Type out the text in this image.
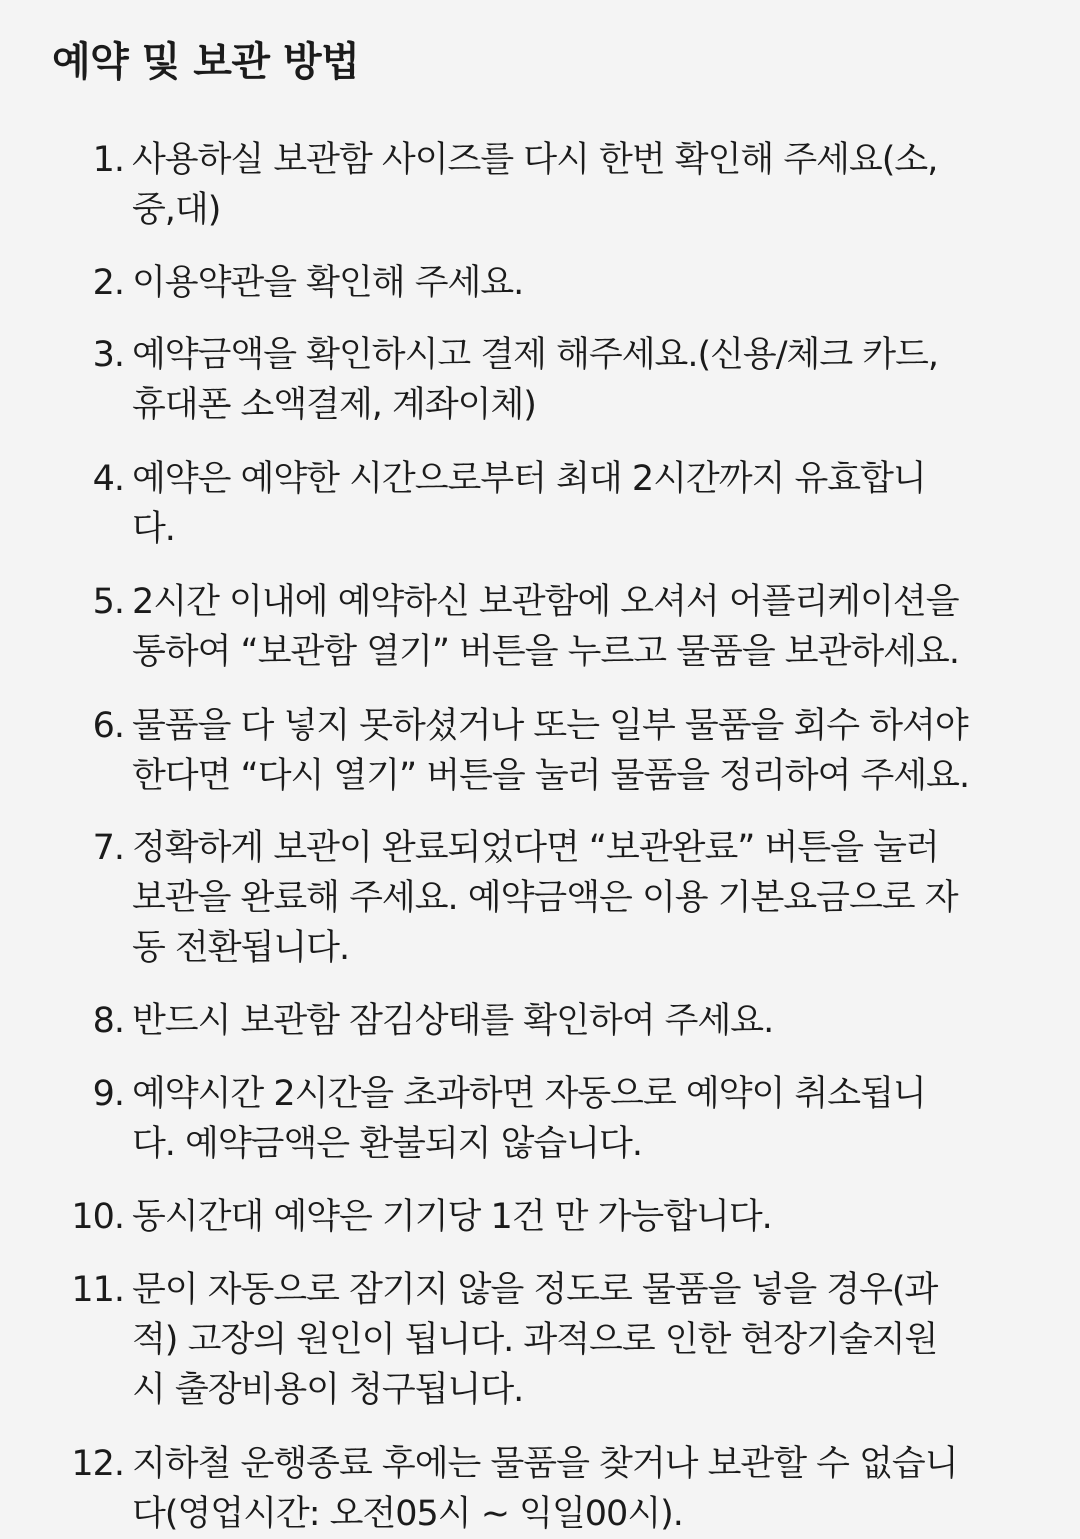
예약 및 보관 방법
1. 사용하실 보관함 사이즈를 다시 한번 확인해 주세요(소,
중,대)
2. 이용약관을 확인해 주세요.
3. 예약금액을 확인하시고 결제 해주세요.(신용/체크 카드,
휴대폰 소액결제, 계좌이체)
4. 예약은 예약한 시간으로부터 최대 2시간까지 유효합니
다.
5. 2시간 이내에 예약하신 보관함에 오셔서 어플리케이션을
통하여 “보관함 열기” 버튼을 누르고 물품을 보관하세요.
6. 물품을 다 넣지 못하셨거나 또는 일부 물품을 회수 하셔야
한다면 “다시 열기” 버튼을 눌러 물품을 정리하여 주세요.
7. 정확하게 보관이 완료되었다면 “보관완료” 버튼을 눌러
보관을 완료해 주세요. 예약금액은 이용 기본요금으로 자
동 전환됩니다.
8. 반드시 보관함 잠김상태를 확인하여 주세요.
9. 예약시간 2시간을 초과하면 자동으로 예약이 취소됩니
다. 예약금액은 환불되지 않습니다.
10. 동시간대 예약은 기기당 1건 만 가능합니다.
11. 문이 자동으로 잠기지 않을 정도로 물품을 넣을 경우(과
적) 고장의 원인이 됩니다. 과적으로 인한 현장기술지원
시 출장비용이 청구됩니다.
12. 지하철 운행종료 후에는 물품을 찾거나 보관할 수 없습니
다(영업시간: 오전05시 ~ 익일00시).
